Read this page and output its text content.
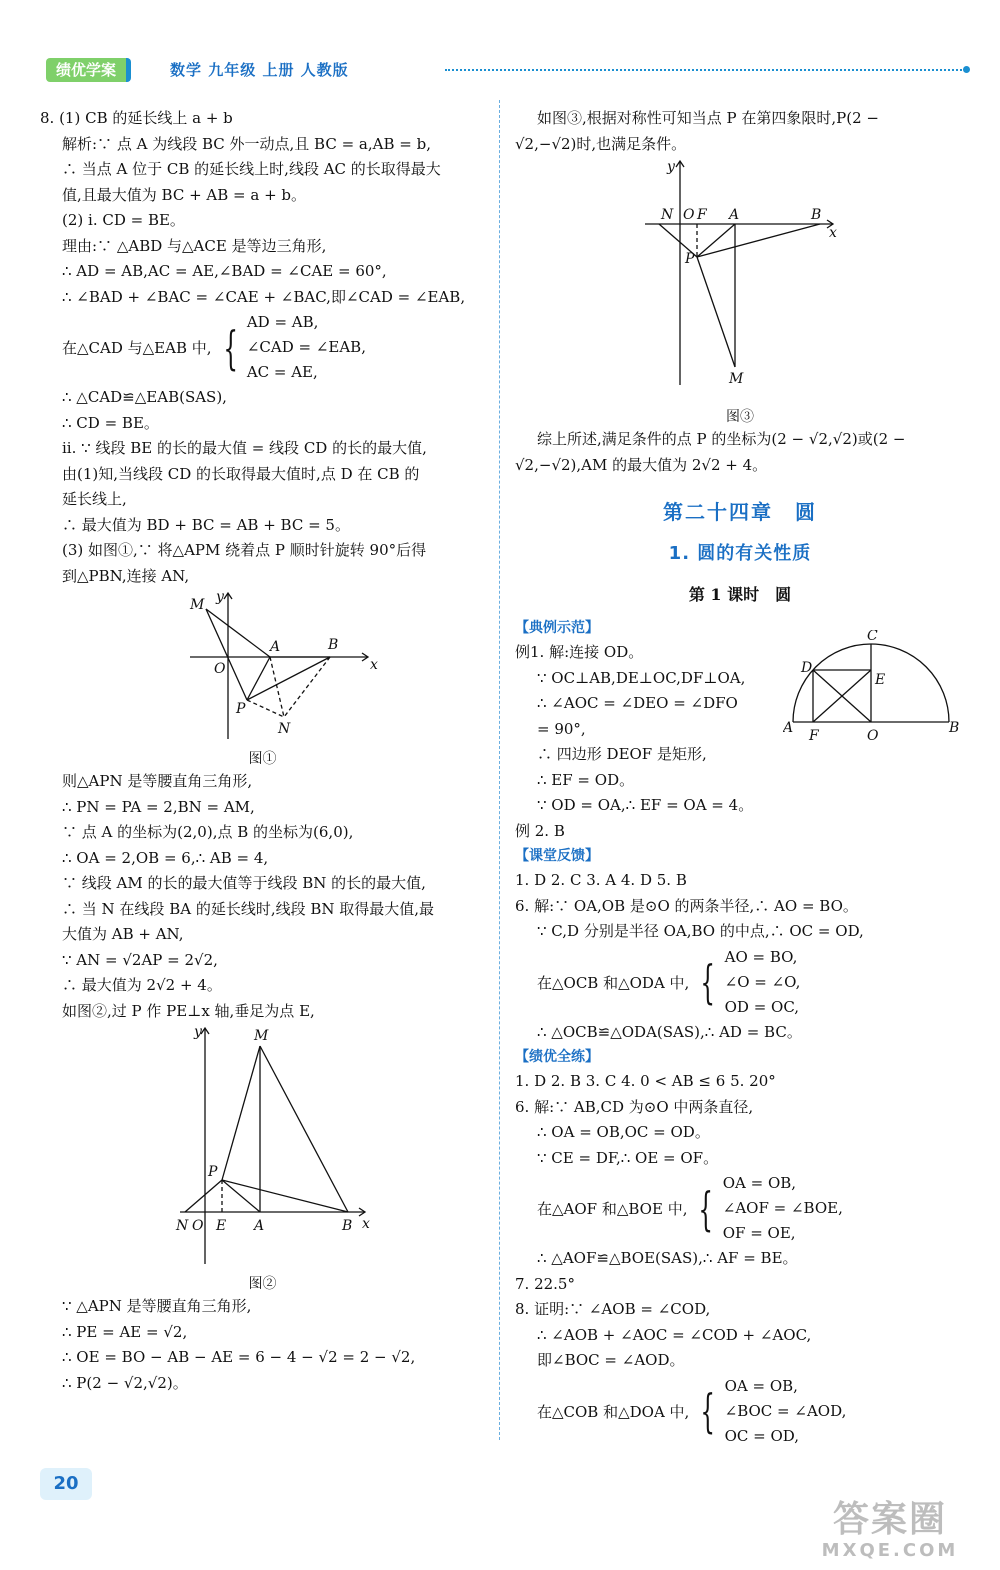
绩优学案	数学 九年级 上册 人教版
8. (1) CB 的延长线上 a + b
解析:∵ 点 A 为线段 BC 外一动点,且 BC = a,AB = b,
∴ 当点 A 位于 CB 的延长线上时,线段 AC 的长取得最大
值,且最大值为 BC + AB = a + b。
(2) i. CD = BE。
理由:∵ △ABD 与△ACE 是等边三角形,
∴ AD = AB,AC = AE,∠BAD = ∠CAE = 60°,
∴ ∠BAD + ∠BAC = ∠CAE + ∠BAC,即∠CAD = ∠EAB,
在△CAD 与△EAB 中, { AD = AB,
∠CAD = ∠EAB,
AC = AE,
∴ △CAD≌△EAB(SAS),
∴ CD = BE。
ii. ∵ 线段 BE 的长的最大值 = 线段 CD 的长的最大值,
由(1)知,当线段 CD 的长取得最大值时,点 D 在 CB 的
延长线上,
∴ 最大值为 BD + BC = AB + BC = 5。
(3) 如图①,∵ 将△APM 绕着点 P 顺时针旋转 90°后得
到△PBN,连接 AN,
y
x
M
O
A	B
P
N
图①
则△APN 是等腰直角三角形,
∴ PN = PA = 2,BN = AM,
∵ 点 A 的坐标为(2,0),点 B 的坐标为(6,0),
∴ OA = 2,OB = 6,∴ AB = 4,
∵ 线段 AM 的长的最大值等于线段 BN 的长的最大值,
∴ 当 N 在线段 BA 的延长线时,线段 BN 取得最大值,最
大值为 AB + AN,
∵ AN = √2AP = 2√2,
∴ 最大值为 2√2 + 4。
如图②,过 P 作 PE⊥x 轴,垂足为点 E,
y
x
M
P
N O E A	B
图②
∵ △APN 是等腰直角三角形,
∴ PE = AE = √2,
∴ OE = BO − AB − AE = 6 − 4 − √2 = 2 − √2,
∴ P(2 − √2,√2)。
如图③,根据对称性可知当点 P 在第四象限时,P(2 −
√2,−√2)时,也满足条件。
y
x
N O F A	B
P
M
图③
综上所述,满足条件的点 P 的坐标为(2 − √2,√2)或(2 −
√2,−√2),AM 的最大值为 2√2 + 4。
第二十四章　圆
1. 圆的有关性质
第 1 课时　圆
【典例示范】
例1. 解:连接 OD。
∵ OC⊥AB,DE⊥OC,DF⊥OA,
∴ ∠AOC = ∠DEO = ∠DFO
= 90°,
∴ 四边形 DEOF 是矩形,
∴ EF = OD。
∵ OD = OA,∴ EF = OA = 4。
C
D
E
A F	O	B
例 2. B
【课堂反馈】
1. D 2. C 3. A 4. D 5. B
6. 解:∵ OA,OB 是⊙O 的两条半径,∴ AO = BO。
∵ C,D 分别是半径 OA,BO 的中点,∴ OC = OD,
在△OCB 和△ODA 中, { AO = BO,
∠O = ∠O,
OD = OC,
∴ △OCB≌△ODA(SAS),∴ AD = BC。
【绩优全练】
1. D 2. B 3. C 4. 0 < AB ≤ 6 5. 20°
6. 解:∵ AB,CD 为⊙O 中两条直径,
∴ OA = OB,OC = OD。
∵ CE = DF,∴ OE = OF。
在△AOF 和△BOE 中, { OA = OB,
∠AOF = ∠BOE,
OF = OE,
∴ △AOF≌△BOE(SAS),∴ AF = BE。
7. 22.5°
8. 证明:∵ ∠AOB = ∠COD,
∴ ∠AOB + ∠AOC = ∠COD + ∠AOC,
即∠BOC = ∠AOD。
在△COB 和△DOA 中, { OA = OB,
∠BOC = ∠AOD,
OC = OD,
20
答案圈
MXQE.COM
